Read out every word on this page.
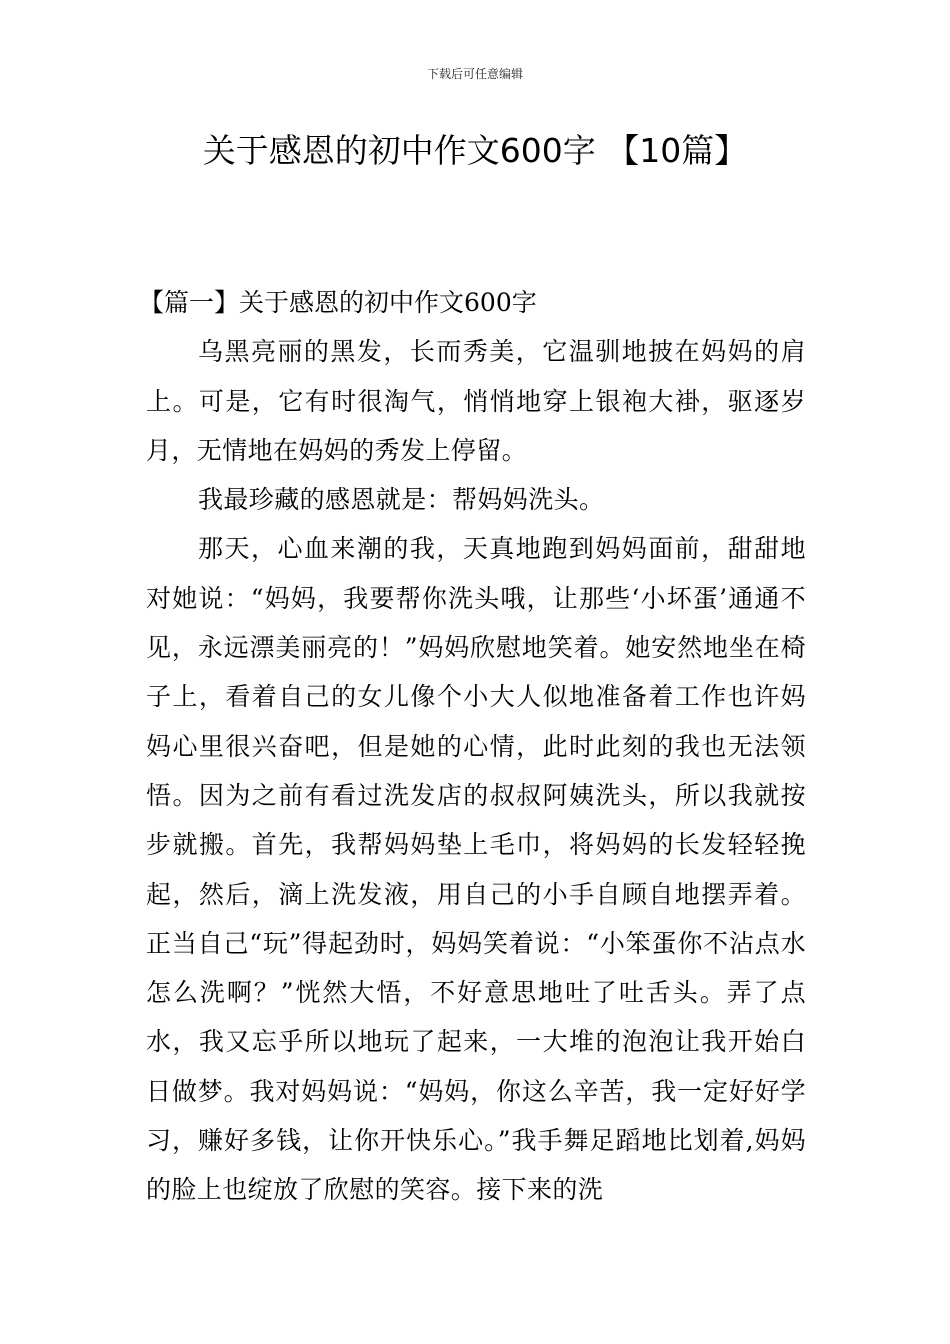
下载后可任意编辑
关于感恩的初中作文600字 【10篇】

【篇一】关于感恩的初中作文600字

乌黑亮丽的黑发，长而秀美，它温驯地披在妈妈的肩上。可是，它有时很淘气，悄悄地穿上银袍大褂，驱逐岁月，无情地在妈妈的秀发上停留。

我最珍藏的感恩就是：帮妈妈洗头。

那天，心血来潮的我，天真地跑到妈妈面前，甜甜地对她说：“妈妈，我要帮你洗头哦，让那些‘小坏蛋’通通不见，永远漂美丽亮的！”妈妈欣慰地笑着。她安然地坐在椅子上，看着自己的女儿像个小大人似地准备着工作也许妈妈心里很兴奋吧，但是她的心情，此时此刻的我也无法领悟。因为之前有看过洗发店的叔叔阿姨洗头，所以我就按步就搬。首先，我帮妈妈垫上毛巾，将妈妈的长发轻轻挽起，然后，滴上洗发液，用自己的小手自顾自地摆弄着。正当自己“玩”得起劲时，妈妈笑着说：“小笨蛋你不沾点水怎么洗啊？”恍然大悟，不好意思地吐了吐舌头。弄了点水，我又忘乎所以地玩了起来，一大堆的泡泡让我开始白日做梦。我对妈妈说：“妈妈，你这么辛苦，我一定好好学习，赚好多钱，让你开快乐心。”我手舞足蹈地比划着,妈妈的脸上也绽放了欣慰的笑容。接下来的洗
